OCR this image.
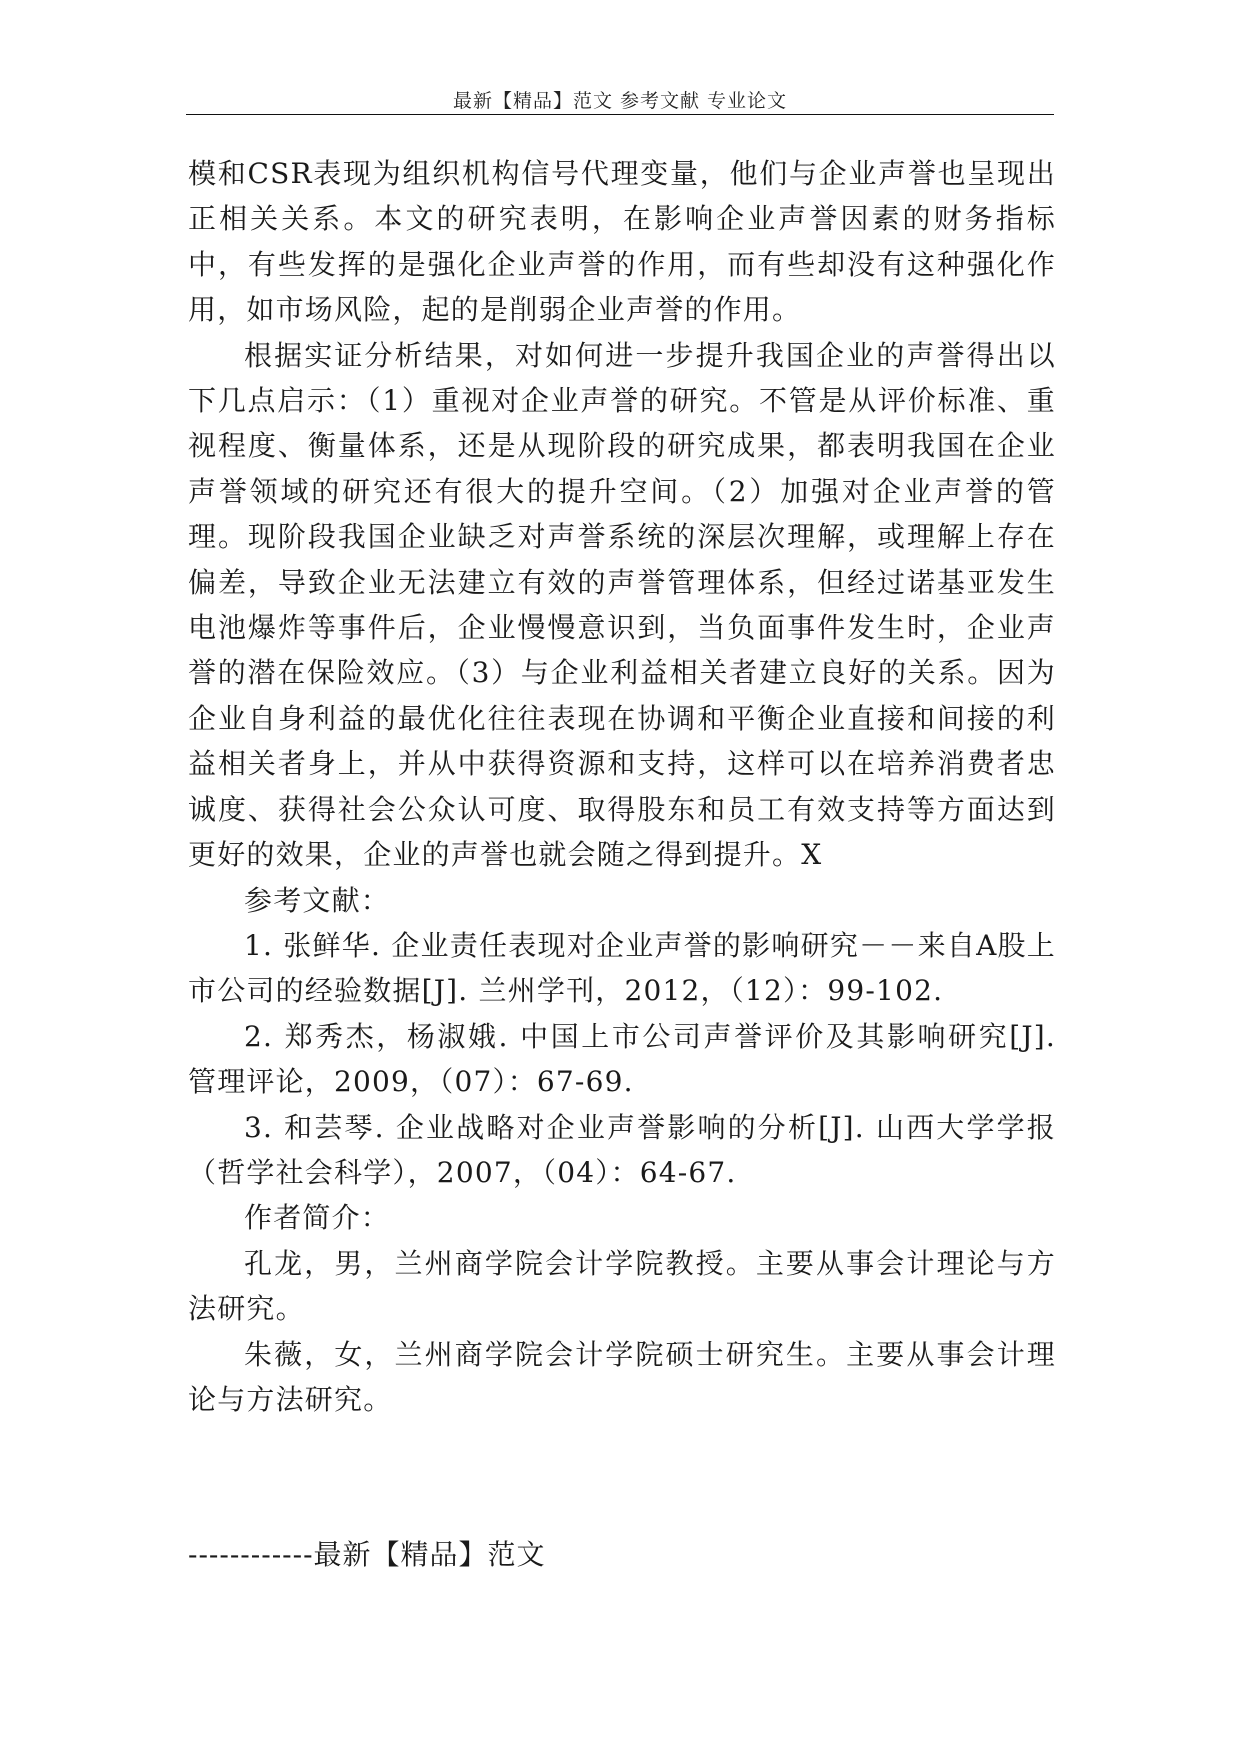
最新【精品】范文 参考文献 专业论文

模和CSR表现为组织机构信号代理变量，他们与企业声誉也呈现出正相关关系。本文的研究表明，在影响企业声誉因素的财务指标中，有些发挥的是强化企业声誉的作用，而有些却没有这种强化作用，如市场风险，起的是削弱企业声誉的作用。

根据实证分析结果，对如何进一步提升我国企业的声誉得出以下几点启示：（1）重视对企业声誉的研究。不管是从评价标准、重视程度、衡量体系，还是从现阶段的研究成果，都表明我国在企业声誉领域的研究还有很大的提升空间。（2）加强对企业声誉的管理。现阶段我国企业缺乏对声誉系统的深层次理解，或理解上存在偏差，导致企业无法建立有效的声誉管理体系，但经过诺基亚发生电池爆炸等事件后，企业慢慢意识到，当负面事件发生时，企业声誉的潜在保险效应。（3）与企业利益相关者建立良好的关系。因为企业自身利益的最优化往往表现在协调和平衡企业直接和间接的利益相关者身上，并从中获得资源和支持，这样可以在培养消费者忠诚度、获得社会公众认可度、取得股东和员工有效支持等方面达到更好的效果，企业的声誉也就会随之得到提升。X

参考文献：

1. 张鲜华. 企业责任表现对企业声誉的影响研究－－来自A股上市公司的经验数据[J]. 兰州学刊，2012，（12）：99-102.

2. 郑秀杰，杨淑娥. 中国上市公司声誉评价及其影响研究[J]. 管理评论，2009，（07）：67-69.

3. 和芸琴. 企业战略对企业声誉影响的分析[J]. 山西大学学报（哲学社会科学），2007，（04）：64-67.

作者简介：

孔龙，男，兰州商学院会计学院教授。主要从事会计理论与方法研究。

朱薇，女，兰州商学院会计学院硕士研究生。主要从事会计理论与方法研究。

------------最新【精品】范文
